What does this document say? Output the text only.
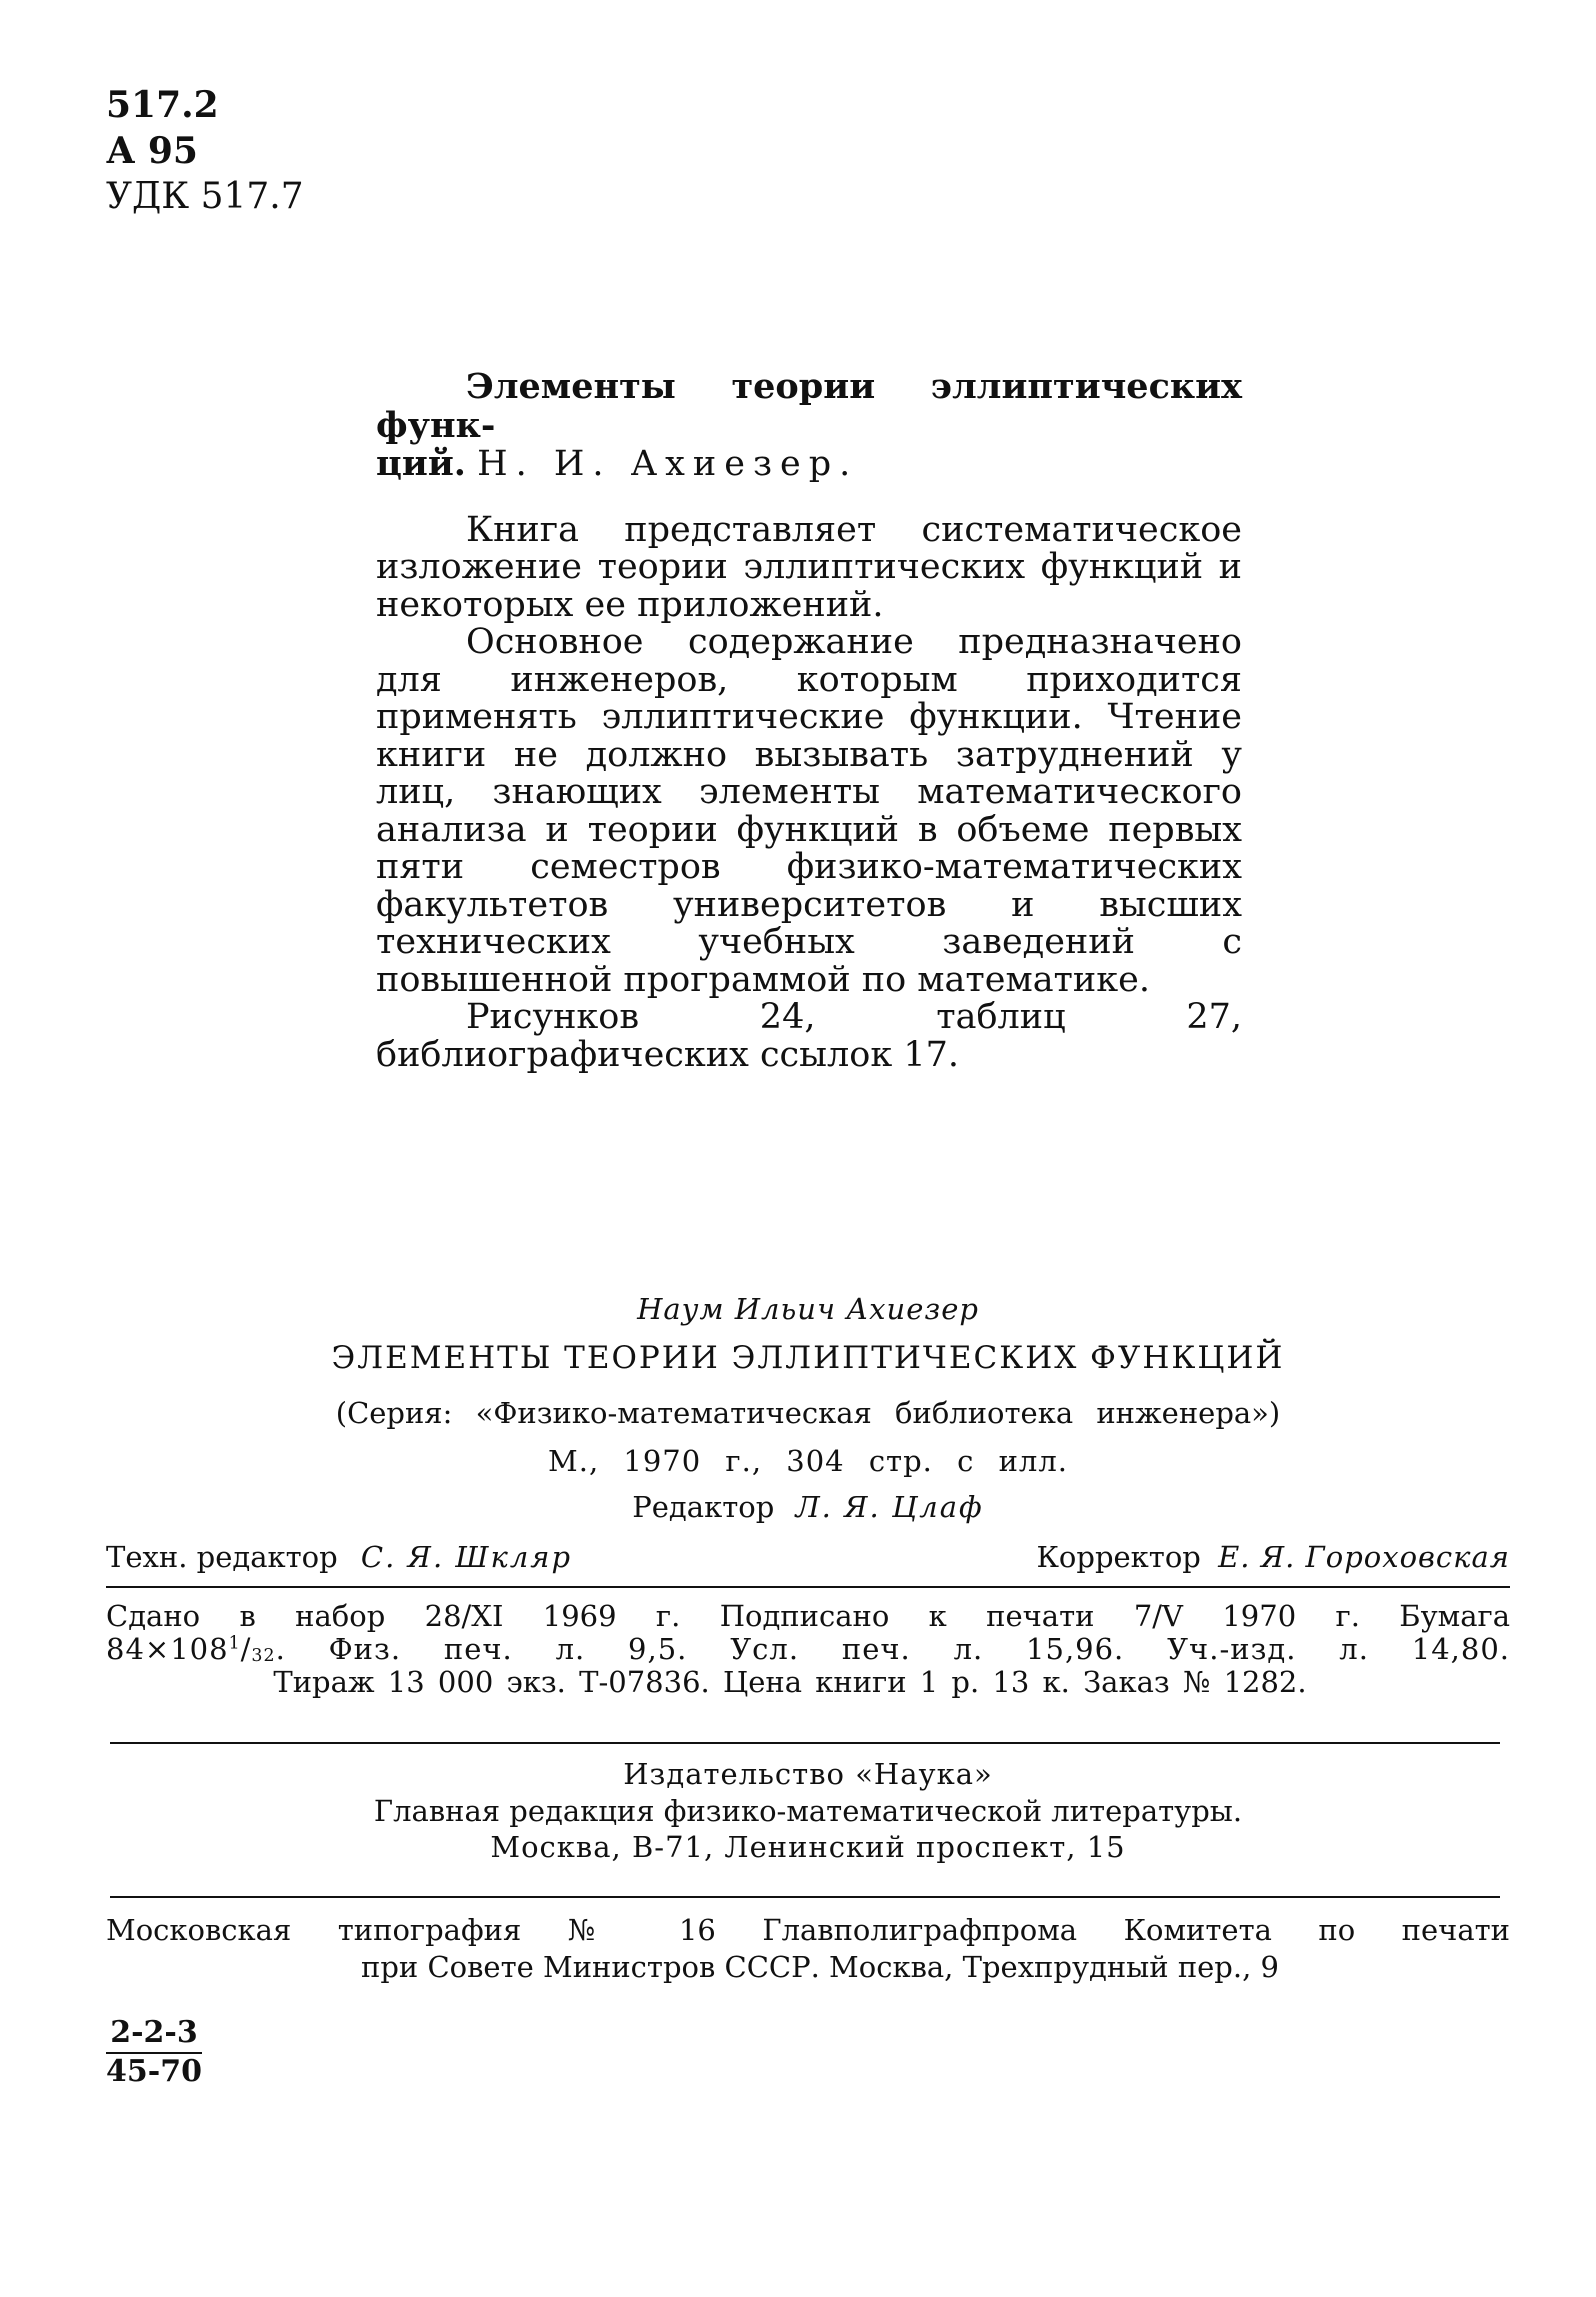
517.2
А 95
УДК 517.7

Элементы теории эллиптических функ-
ций. Н. И. Ахиезер.

Книга представляет систематическое изложение теории эллиптических функций и некоторых ее приложений.

Основное содержание предназначено для инженеров, которым приходится применять эллиптические функции. Чтение книги не должно вызывать затруднений у лиц, знающих элементы математического анализа и теории функций в объеме первых пяти семестров физико-математических факультетов университетов и высших технических учебных заведений с повышенной программой по математике.

Рисунков 24, таблиц 27, библиографических ссылок 17.

Наум Ильич Ахиезер
ЭЛЕМЕНТЫ ТЕОРИИ ЭЛЛИПТИЧЕСКИХ ФУНКЦИЙ
(Серия: «Физико-математическая библиотека инженера»)
М., 1970 г., 304 стр. с илл.
Редактор Л. Я. Цлаф
Техн. редактор С. Я. Шкляр	Корректор Е. Я. Гороховская
Сдано в набор 28/XI 1969 г. Подписано к печати 7/V 1970 г. Бумага
$84\times 108^1/_{32}$. Физ. печ. л. 9,5. Усл. печ. л. 15,96. Уч.-изд. л. 14,80.
Тираж 13 000 экз. Т-07836. Цена книги 1 р. 13 к. Заказ № 1282.
Издательство «Наука»
Главная редакция физико-математической литературы.
Москва, В-71, Ленинский проспект, 15
Московская типография № 16 Главполиграфпрома Комитета по печати
при Совете Министров СССР. Москва, Трехпрудный пер., 9
$\frac{2-2-3}{45-70}$
